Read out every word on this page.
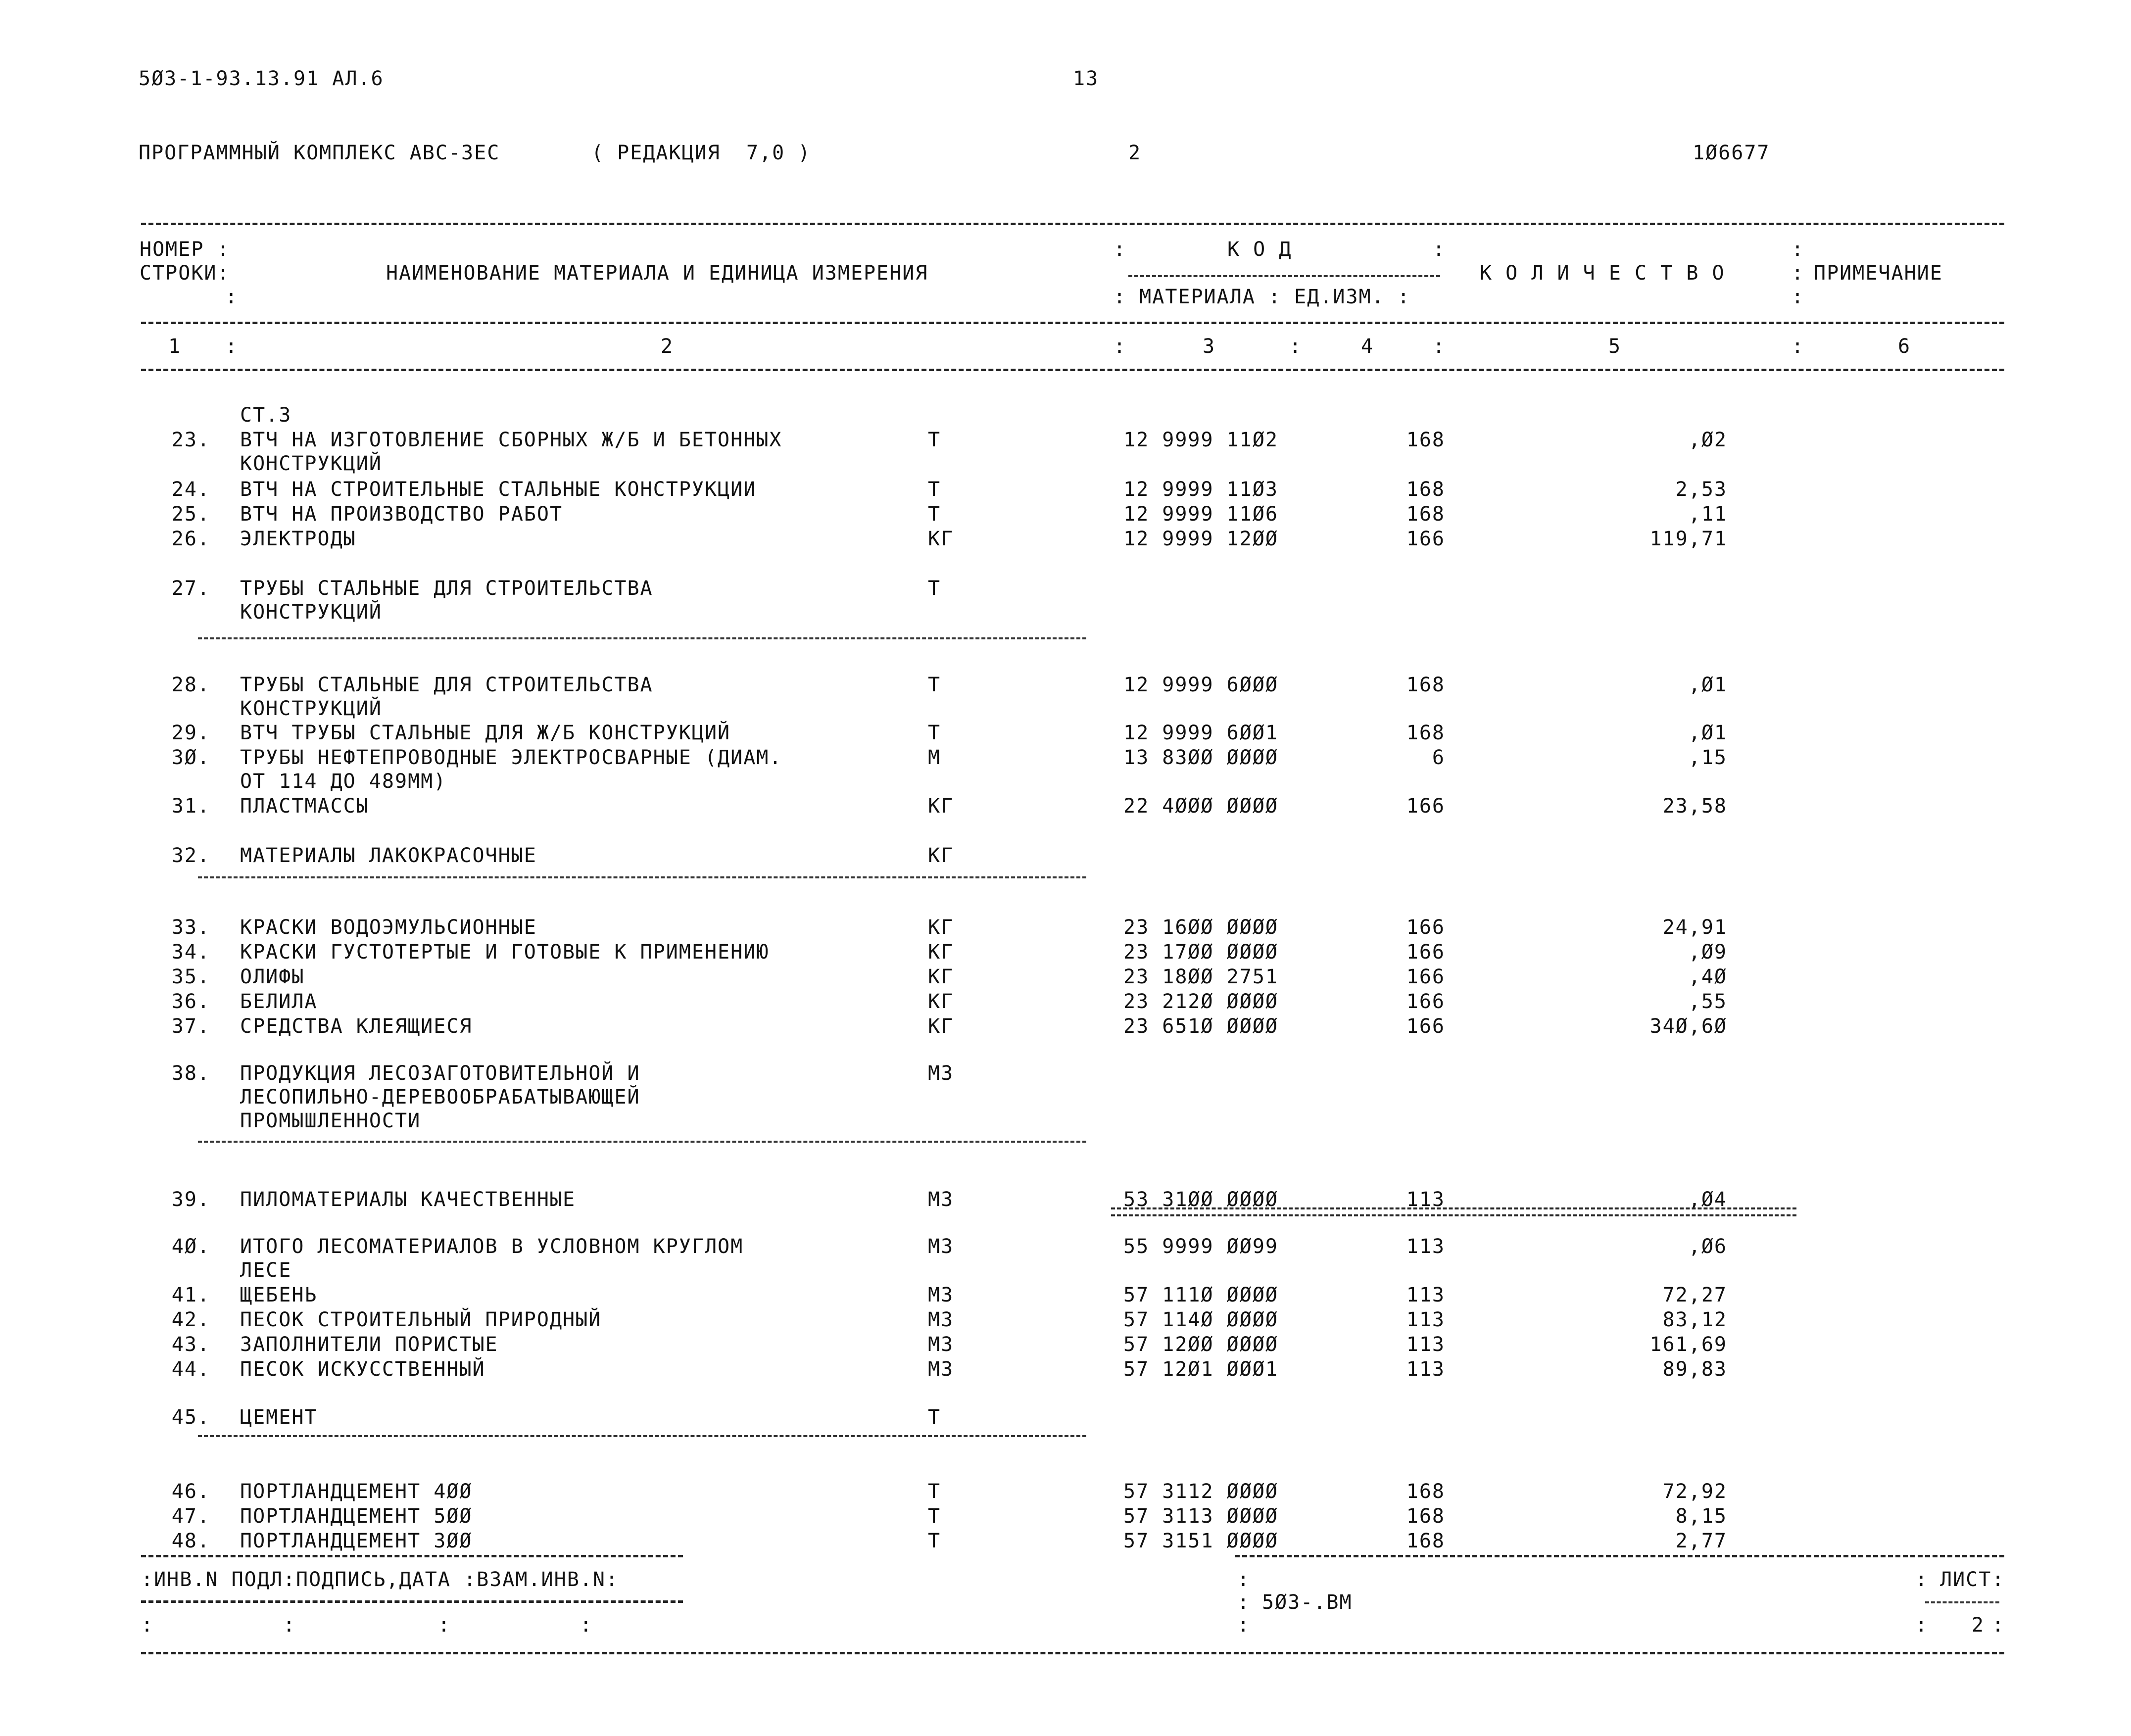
5Ø3-1-93.13.91 АЛ.6	13
ПРОГРАММНЫЙ КОМПЛЕКС АВС-3ЕС	( РЕДАКЦИЯ  7,0 )	2	1Ø6677
НОМЕР :
СТРОКИ:
:
НАИМЕНОВАНИЕ МАТЕРИАЛА И ЕДИНИЦА ИЗМЕРЕНИЯ
:	К О Д	:
: МАТЕРИАЛА : ЕД.ИЗМ. :
К О Л И Ч Е С Т В О
:
:
:
ПРИМЕЧАНИЕ
1 :	2	:	3	:	4	:	5	:	6
СТ.3
23. ВТЧ НА ИЗГОТОВЛЕНИЕ СБОРНЫХ Ж/Б И БЕТОННЫХ
КОНСТРУКЦИЙ
Т	12 9999 11Ø2	168	,Ø2
24. ВТЧ НА СТРОИТЕЛЬНЫЕ СТАЛЬНЫЕ КОНСТРУКЦИИ	Т	12 9999 11Ø3	168	2,53
25. ВТЧ НА ПРОИЗВОДСТВО РАБОТ	Т	12 9999 11Ø6	168	,11
26. ЭЛЕКТРОДЫ	КГ	12 9999 12ØØ	166	119,71
27. ТРУБЫ СТАЛЬНЫЕ ДЛЯ СТРОИТЕЛЬСТВА
КОНСТРУКЦИЙ
Т
28. ТРУБЫ СТАЛЬНЫЕ ДЛЯ СТРОИТЕЛЬСТВА
КОНСТРУКЦИЙ
Т	12 9999 6ØØØ	168	,Ø1
29. ВТЧ ТРУБЫ СТАЛЬНЫЕ ДЛЯ Ж/Б КОНСТРУКЦИЙ	Т	12 9999 6ØØ1	168	,Ø1
3Ø. ТРУБЫ НЕФТЕПРОВОДНЫЕ ЭЛЕКТРОСВАРНЫЕ (ДИАМ.
ОТ 114 ДО 489ММ)
М	13 83ØØ ØØØØ	6	,15
31. ПЛАСТМАССЫ	КГ	22 4ØØØ ØØØØ	166	23,58
32. МАТЕРИАЛЫ ЛАКОКРАСОЧНЫЕ	КГ
33. КРАСКИ ВОДОЭМУЛЬСИОННЫЕ	КГ	23 16ØØ ØØØØ	166	24,91
34. КРАСКИ ГУСТОТЕРТЫЕ И ГОТОВЫЕ К ПРИМЕНЕНИЮ	КГ	23 17ØØ ØØØØ	166	,Ø9
35. ОЛИФЫ	КГ	23 18ØØ 2751	166	,4Ø
36. БЕЛИЛА	КГ	23 212Ø ØØØØ	166	,55
37. СРЕДСТВА КЛЕЯЩИЕСЯ	КГ	23 651Ø ØØØØ	166	34Ø,6Ø
38. ПРОДУКЦИЯ ЛЕСОЗАГОТОВИТЕЛЬНОЙ И
ЛЕСОПИЛЬНО-ДЕРЕВООБРАБАТЫВАЮЩЕЙ
ПРОМЫШЛЕННОСТИ
М3
39. ПИЛОМАТЕРИАЛЫ КАЧЕСТВЕННЫЕ	М3	53 31ØØ ØØØØ	113	,Ø4
4Ø. ИТОГО ЛЕСОМАТЕРИАЛОВ В УСЛОВНОМ КРУГЛОМ
ЛЕСЕ
М3	55 9999 ØØ99	113	,Ø6
41. ЩЕБЕНЬ	М3	57 111Ø ØØØØ	113	72,27
42. ПЕСОК СТРОИТЕЛЬНЫЙ ПРИРОДНЫЙ	М3	57 114Ø ØØØØ	113	83,12
43. ЗАПОЛНИТЕЛИ ПОРИСТЫЕ	М3	57 12ØØ ØØØØ	113	161,69
44. ПЕСОК ИСКУССТВЕННЫЙ	М3	57 12Ø1 ØØØ1	113	89,83
45. ЦЕМЕНТ	Т
46. ПОРТЛАНДЦЕМЕНТ 4ØØ	Т	57 3112 ØØØØ	168	72,92
47. ПОРТЛАНДЦЕМЕНТ 5ØØ	Т	57 3113 ØØØØ	168	8,15
48. ПОРТЛАНДЦЕМЕНТ 3ØØ	Т	57 3151 ØØØØ	168	2,77
:ИНВ.N ПОДЛ:ПОДПИСЬ,ДАТА :ВЗАМ.ИНВ.N:
:          :           :          :
:
: 5Ø3-.ВМ
:
: ЛИСТ :
:	2 :
